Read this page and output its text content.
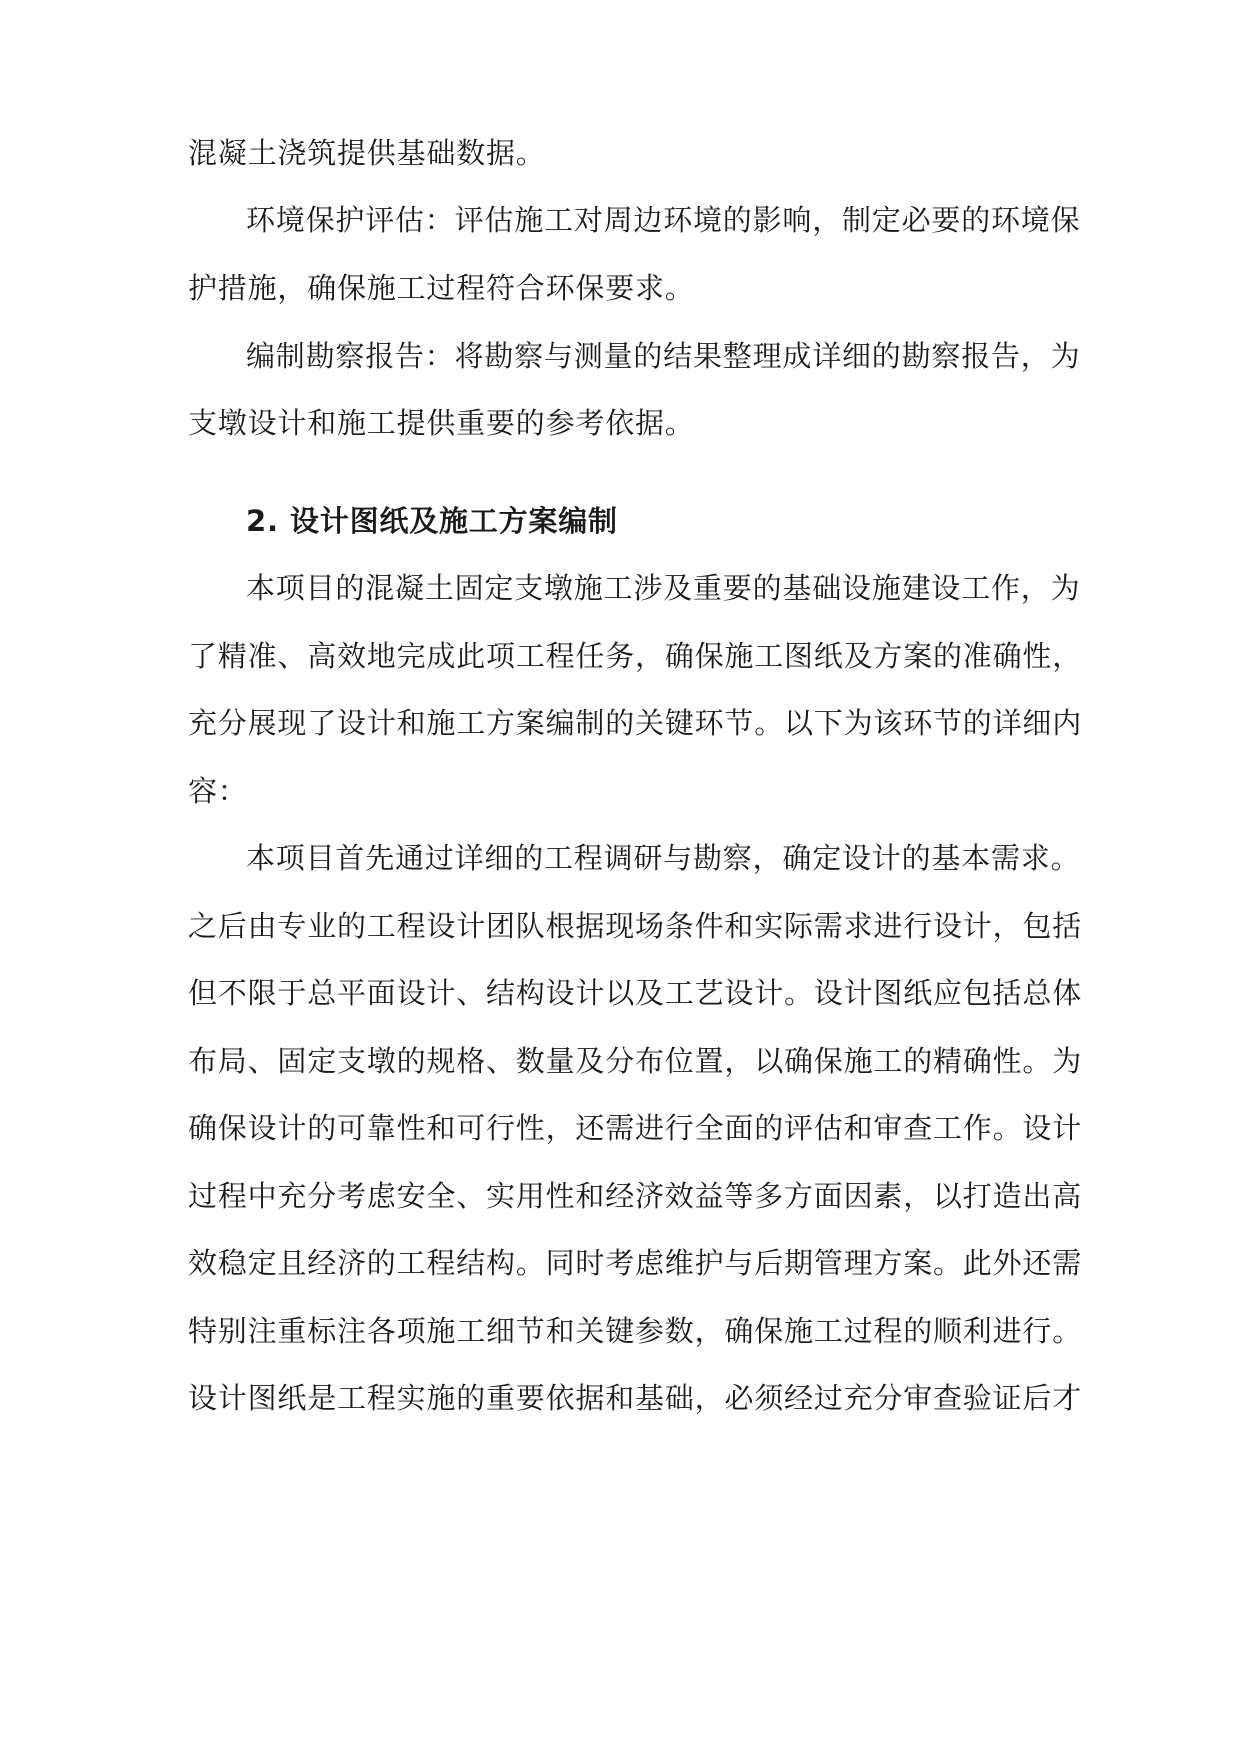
混凝土浇筑提供基础数据。
环境保护评估：评估施工对周边环境的影响，制定必要的环境保
护措施，确保施工过程符合环保要求。
编制勘察报告：将勘察与测量的结果整理成详细的勘察报告，为
支墩设计和施工提供重要的参考依据。
2. 设计图纸及施工方案编制
本项目的混凝土固定支墩施工涉及重要的基础设施建设工作，为
了精准、高效地完成此项工程任务，确保施工图纸及方案的准确性，
充分展现了设计和施工方案编制的关键环节。以下为该环节的详细内
容：
本项目首先通过详细的工程调研与勘察，确定设计的基本需求。
之后由专业的工程设计团队根据现场条件和实际需求进行设计，包括
但不限于总平面设计、结构设计以及工艺设计。设计图纸应包括总体
布局、固定支墩的规格、数量及分布位置，以确保施工的精确性。为
确保设计的可靠性和可行性，还需进行全面的评估和审查工作。设计
过程中充分考虑安全、实用性和经济效益等多方面因素，以打造出高
效稳定且经济的工程结构。同时考虑维护与后期管理方案。此外还需
特别注重标注各项施工细节和关键参数，确保施工过程的顺利进行。
设计图纸是工程实施的重要依据和基础，必须经过充分审查验证后才
